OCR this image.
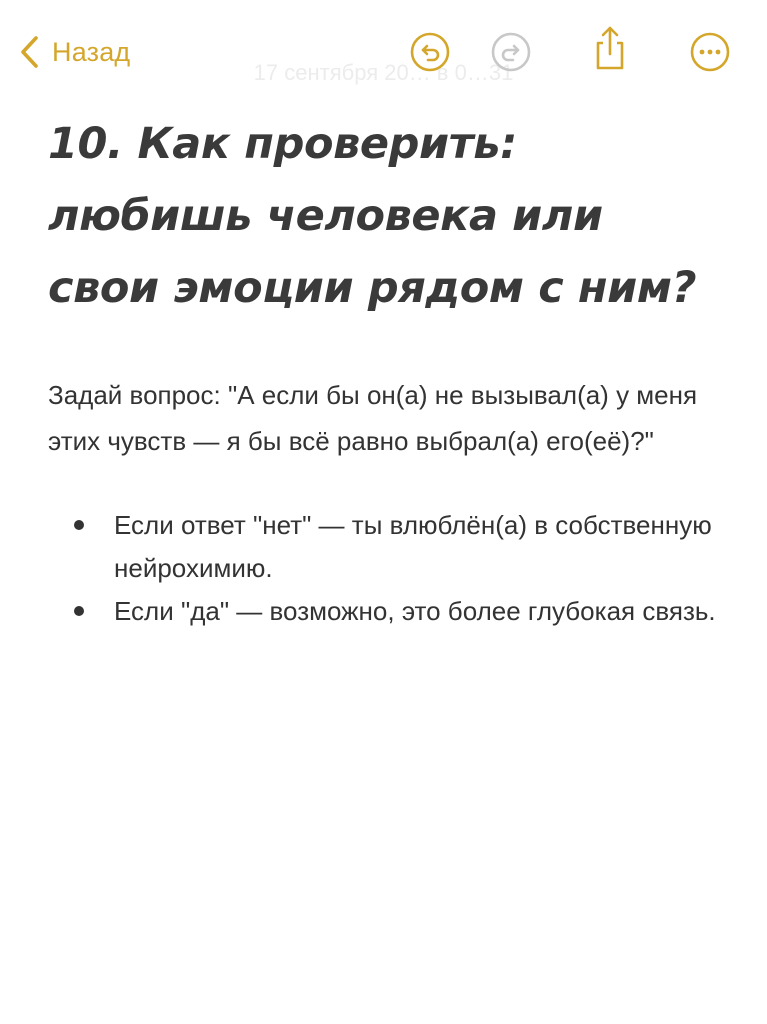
17 сентября 20… в 0…31
Назад
10. Как проверить: любишь человека или свои эмоции рядом с ним?

Задай вопрос: "А если бы он(а) не вызывал(а) у меня этих чувств — я бы всё равно выбрал(а) его(её)?"

Если ответ "нет" — ты влюблён(а) в собственную нейрохимию.
Если "да" — возможно, это более глубокая связь.
